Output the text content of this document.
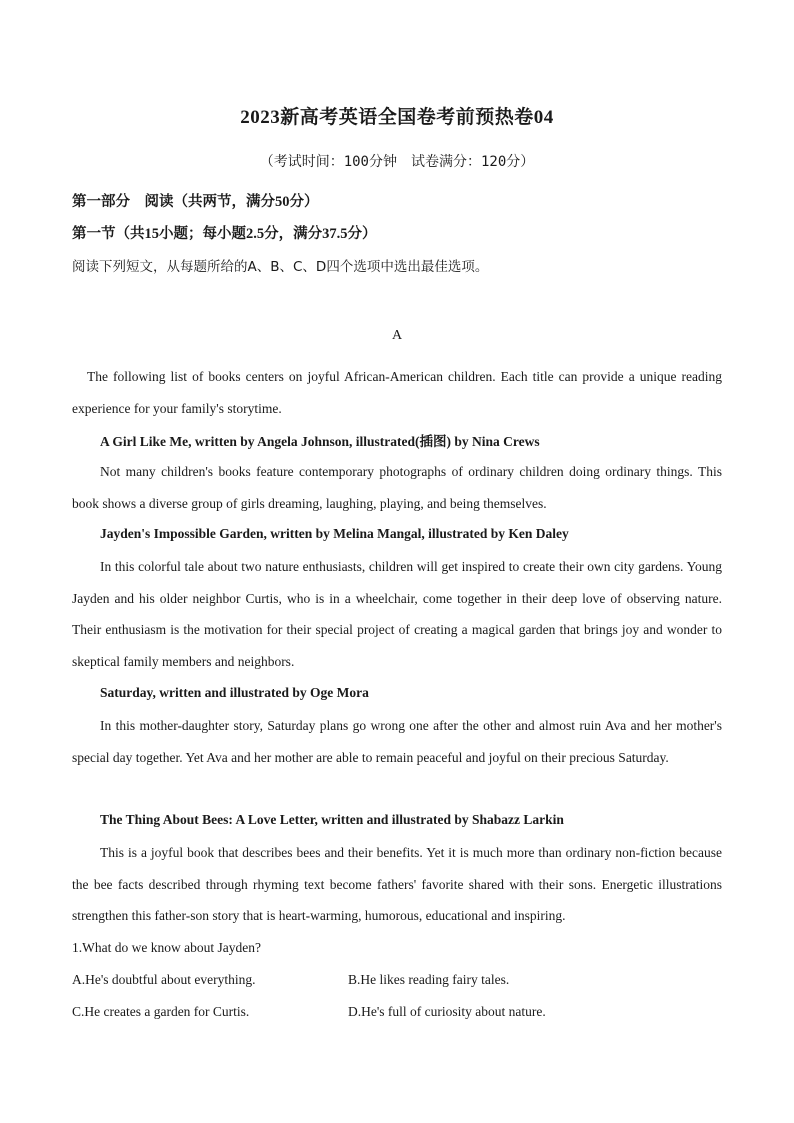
2023新高考英语全国卷考前预热卷04
（考试时间：100分钟　试卷满分：120分）
第一部分　阅读（共两节，满分50分）
第一节（共15小题；每小题2.5分，满分37.5分）
阅读下列短文，从每题所给的A、B、C、D四个选项中选出最佳选项。
A
The following list of books centers on joyful African-American children. Each title can provide a unique reading experience for your family's storytime.
A Girl Like Me, written by Angela Johnson, illustrated(插图) by Nina Crews
Not many children's books feature contemporary photographs of ordinary children doing ordinary things. This book shows a diverse group of girls dreaming, laughing, playing, and being themselves.
Jayden's Impossible Garden, written by Melina Mangal, illustrated by Ken Daley
In this colorful tale about two nature enthusiasts, children will get inspired to create their own city gardens. Young Jayden and his older neighbor Curtis, who is in a wheelchair, come together in their deep love of observing nature. Their enthusiasm is the motivation for their special project of creating a magical garden that brings joy and wonder to skeptical family members and neighbors.
Saturday, written and illustrated by Oge Mora
In this mother-daughter story, Saturday plans go wrong one after the other and almost ruin Ava and her mother's special day together. Yet Ava and her mother are able to remain peaceful and joyful on their precious Saturday.
The Thing About Bees: A Love Letter, written and illustrated by Shabazz Larkin
This is a joyful book that describes bees and their benefits. Yet it is much more than ordinary non-fiction because the bee facts described through rhyming text become fathers' favorite shared with their sons. Energetic illustrations strengthen this father-son story that is heart-warming, humorous, educational and inspiring.
1.What do we know about Jayden?
A.He's doubtful about everything.	B.He likes reading fairy tales.
C.He creates a garden for Curtis.	D.He's full of curiosity about nature.
